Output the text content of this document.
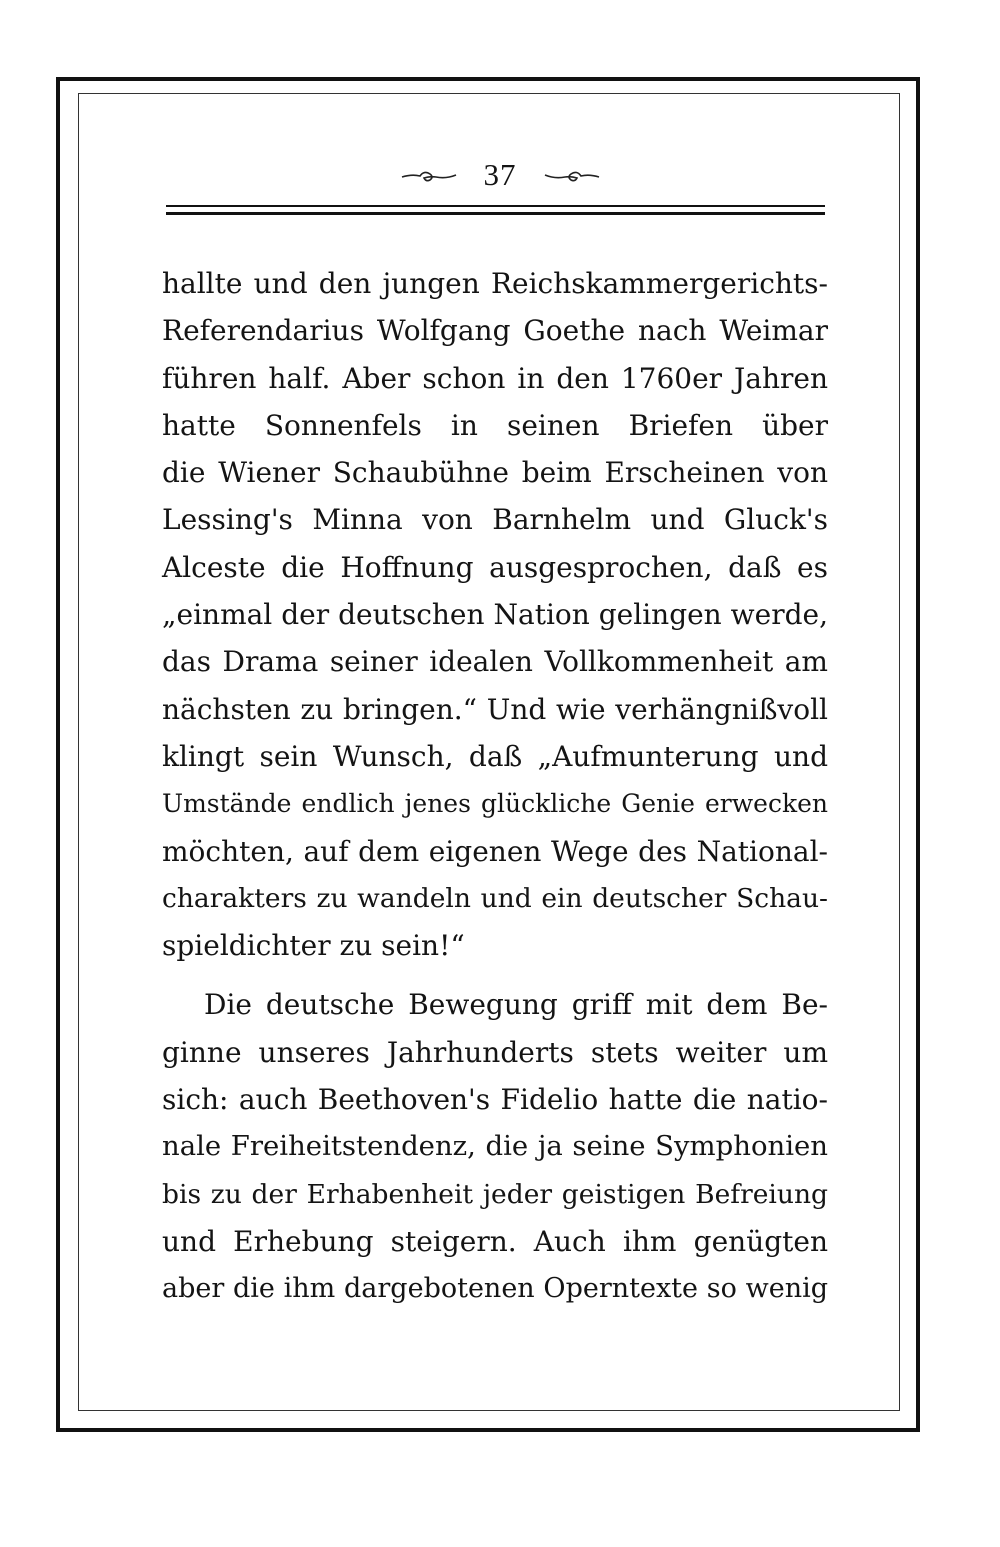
37
hallte und den jungen Reichskammergerichts-
Referendarius Wolfgang Goethe nach Weimar
führen half. Aber schon in den 1760er Jahren
hatte Sonnenfels in seinen Briefen über
die Wiener Schaubühne beim Erscheinen von
Lessing's Minna von Barnhelm und Gluck's
Alceste die Hoffnung ausgesprochen, daß es
„einmal der deutschen Nation gelingen werde,
das Drama seiner idealen Vollkommenheit am
nächsten zu bringen.“ Und wie verhängnißvoll
klingt sein Wunsch, daß „Aufmunterung und
Umstände endlich jenes glückliche Genie erwecken
möchten, auf dem eigenen Wege des National-
charakters zu wandeln und ein deutscher Schau-
spieldichter zu sein!“
Die deutsche Bewegung griff mit dem Be-
ginne unseres Jahrhunderts stets weiter um
sich: auch Beethoven's Fidelio hatte die natio-
nale Freiheitstendenz, die ja seine Symphonien
bis zu der Erhabenheit jeder geistigen Befreiung
und Erhebung steigern. Auch ihm genügten
aber die ihm dargebotenen Operntexte so wenig
